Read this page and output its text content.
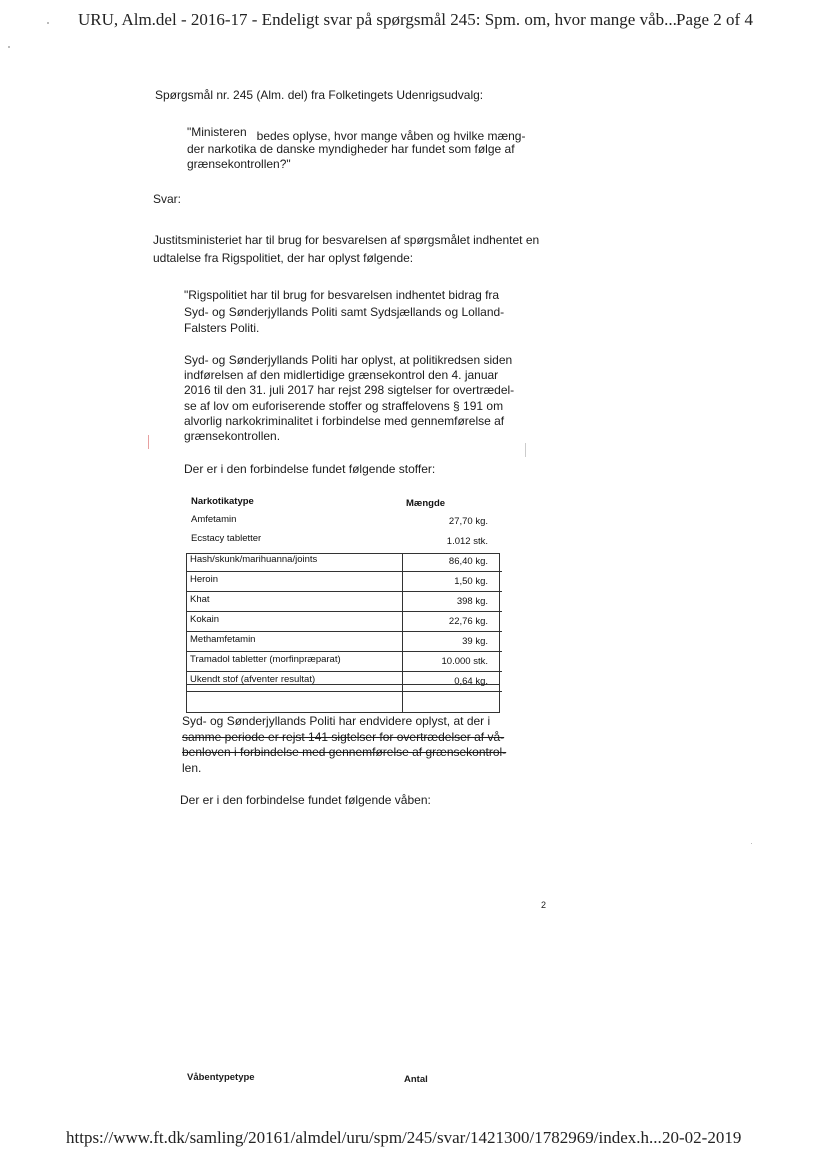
URU, Alm.del - 2016-17 - Endeligt svar på spørgsmål 245: Spm. om, hvor mange våb... Page 2 of 4
Spørgsmål nr. 245 (Alm. del) fra Folketingets Udenrigsudvalg:
"Ministeren bedes oplyse, hvor mange våben og hvilke mæng-
der narkotika de danske myndigheder har fundet som følge af
grænsekontrollen?"
Svar:
Justitsministeriet har til brug for besvarelsen af spørgsmålet indhentet en
udtalelse fra Rigspolitiet, der har oplyst følgende:
"Rigspolitiet har til brug for besvarelsen indhentet bidrag fra
Syd- og Sønderjyllands Politi samt Sydsjællands og Lolland-
Falsters Politi.
Syd- og Sønderjyllands Politi har oplyst, at politikredsen siden
indførelsen af den midlertidige grænsekontrol den 4. januar
2016 til den 31. juli 2017 har rejst 298 sigtelser for overtrædel-
se af lov om euforiserende stoffer og straffelovens § 191 om
alvorlig narkokriminalitet i forbindelse med gennemførelse af
grænsekontrollen.
Der er i den forbindelse fundet følgende stoffer:
Narkotikatype	Mængde
Amfetamin	27,70 kg.
Ecstacy tabletter	1.012 stk.
Hash/skunk/marihuanna/joints	86,40 kg.
Heroin	1,50 kg.
Khat	398 kg.
Kokain	22,76 kg.
Methamfetamin	39 kg.
Tramadol tabletter (morfinpræparat)	10.000 stk.
Ukendt stof (afventer resultat)	0,64 kg.
Syd- og Sønderjyllands Politi har endvidere oplyst, at der i
samme periode er rejst 141 sigtelser for overtrædelser af vå-
benloven i forbindelse med gennemførelse af grænsekontrol-
len.
Der er i den forbindelse fundet følgende våben:
2
Våbentypetype	Antal
https://www.ft.dk/samling/20161/almdel/uru/spm/245/svar/1421300/1782969/index.h... 20-02-2019
